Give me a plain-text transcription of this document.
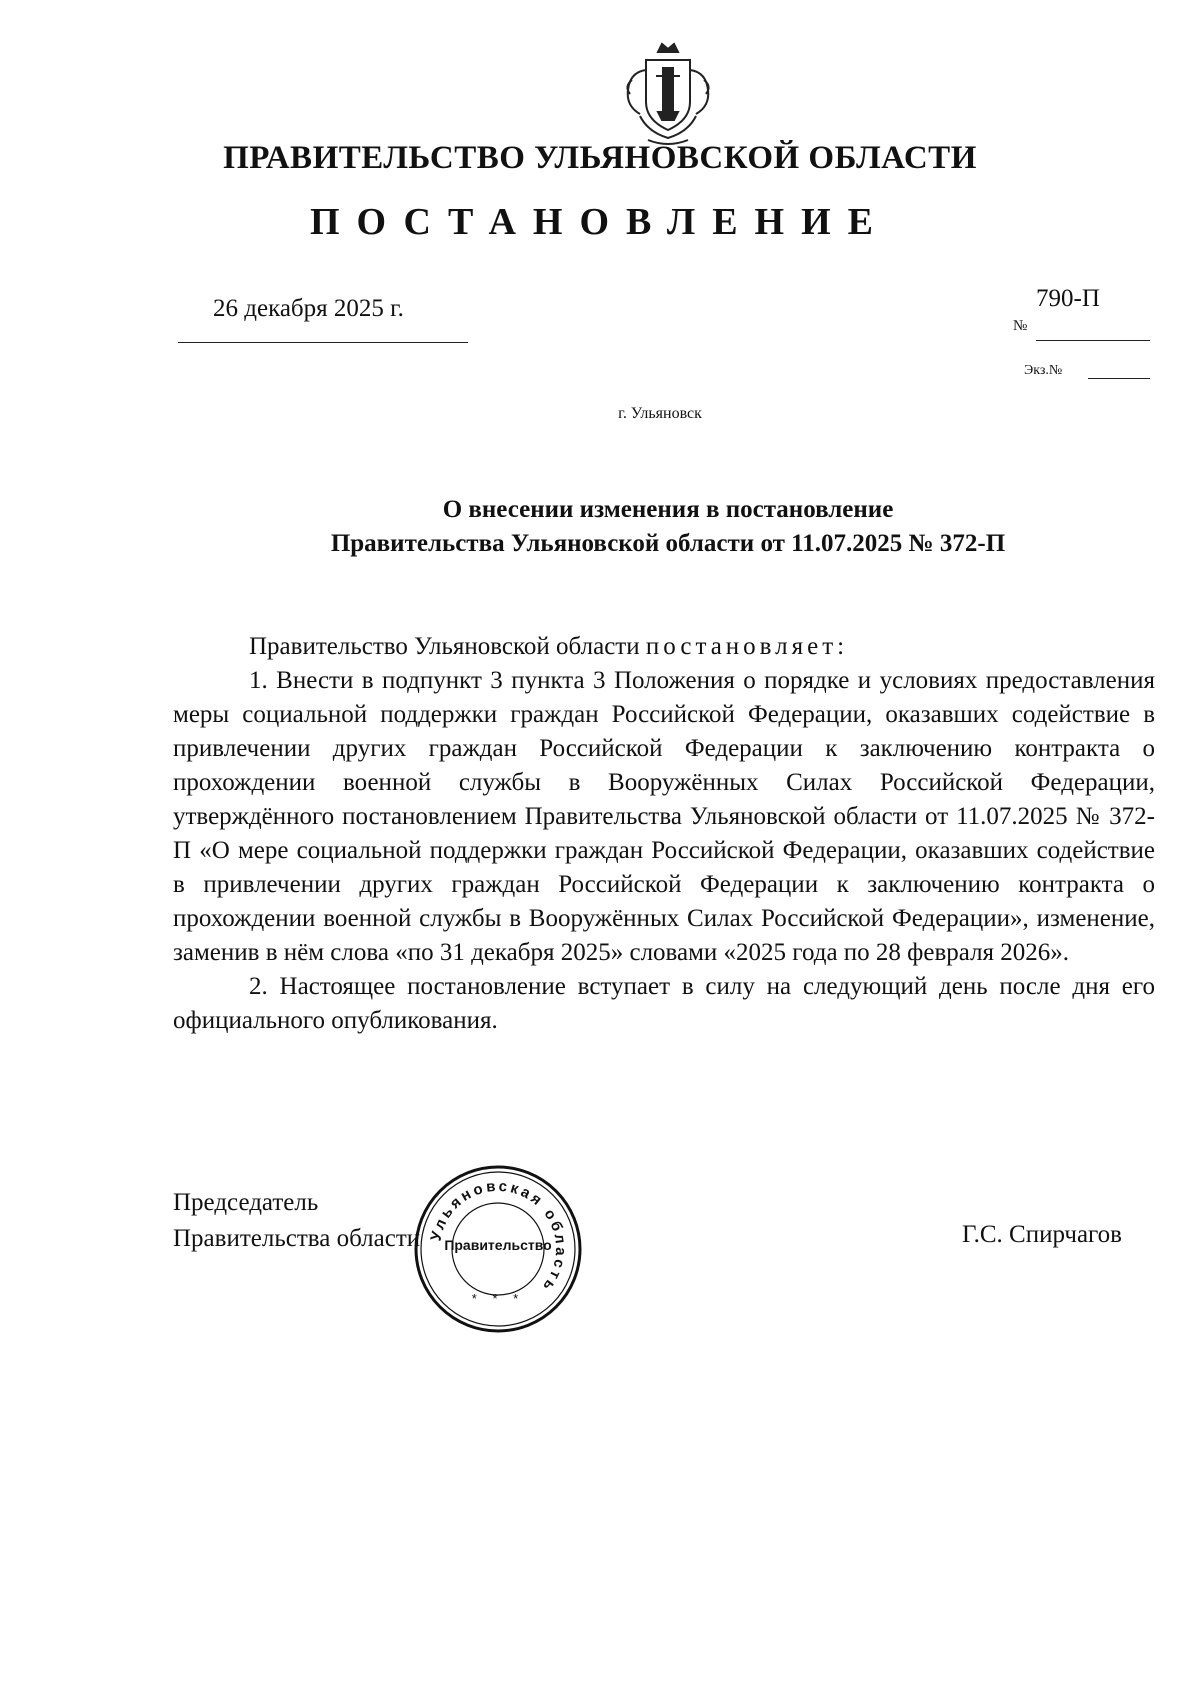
ПРАВИТЕЛЬСТВО УЛЬЯНОВСКОЙ ОБЛАСТИ
ПОСТАНОВЛЕНИЕ
26 декабря 2025 г.	790-П
№
Экз.№
г. Ульяновск
О внесении изменения в постановление
Правительства Ульяновской области от 11.07.2025 № 372-П

Правительство Ульяновской области постановляет:

1. Внести в подпункт 3 пункта 3 Положения о порядке и условиях предоставления меры социальной поддержки граждан Российской Федерации, оказавших содействие в привлечении других граждан Российской Федерации к заключению контракта о прохождении военной службы в Вооружённых Силах Российской Федерации, утверждённого постановлением Правительства Ульяновской области от 11.07.2025 № 372-П «О мере социальной поддержки граждан Российской Федерации, оказавших содействие в привлечении других граждан Российской Федерации к заключению контракта о прохождении военной службы в Вооружённых Силах Российской Федерации», изменение, заменив в нём слова «по 31 декабря 2025» словами «2025 года по 28 февраля 2026».

2. Настоящее постановление вступает в силу на следующий день после дня его официального опубликования.

Председатель
Правительства области	Г.С. Спирчагов
Ульяновская область
* * *
Правительство
